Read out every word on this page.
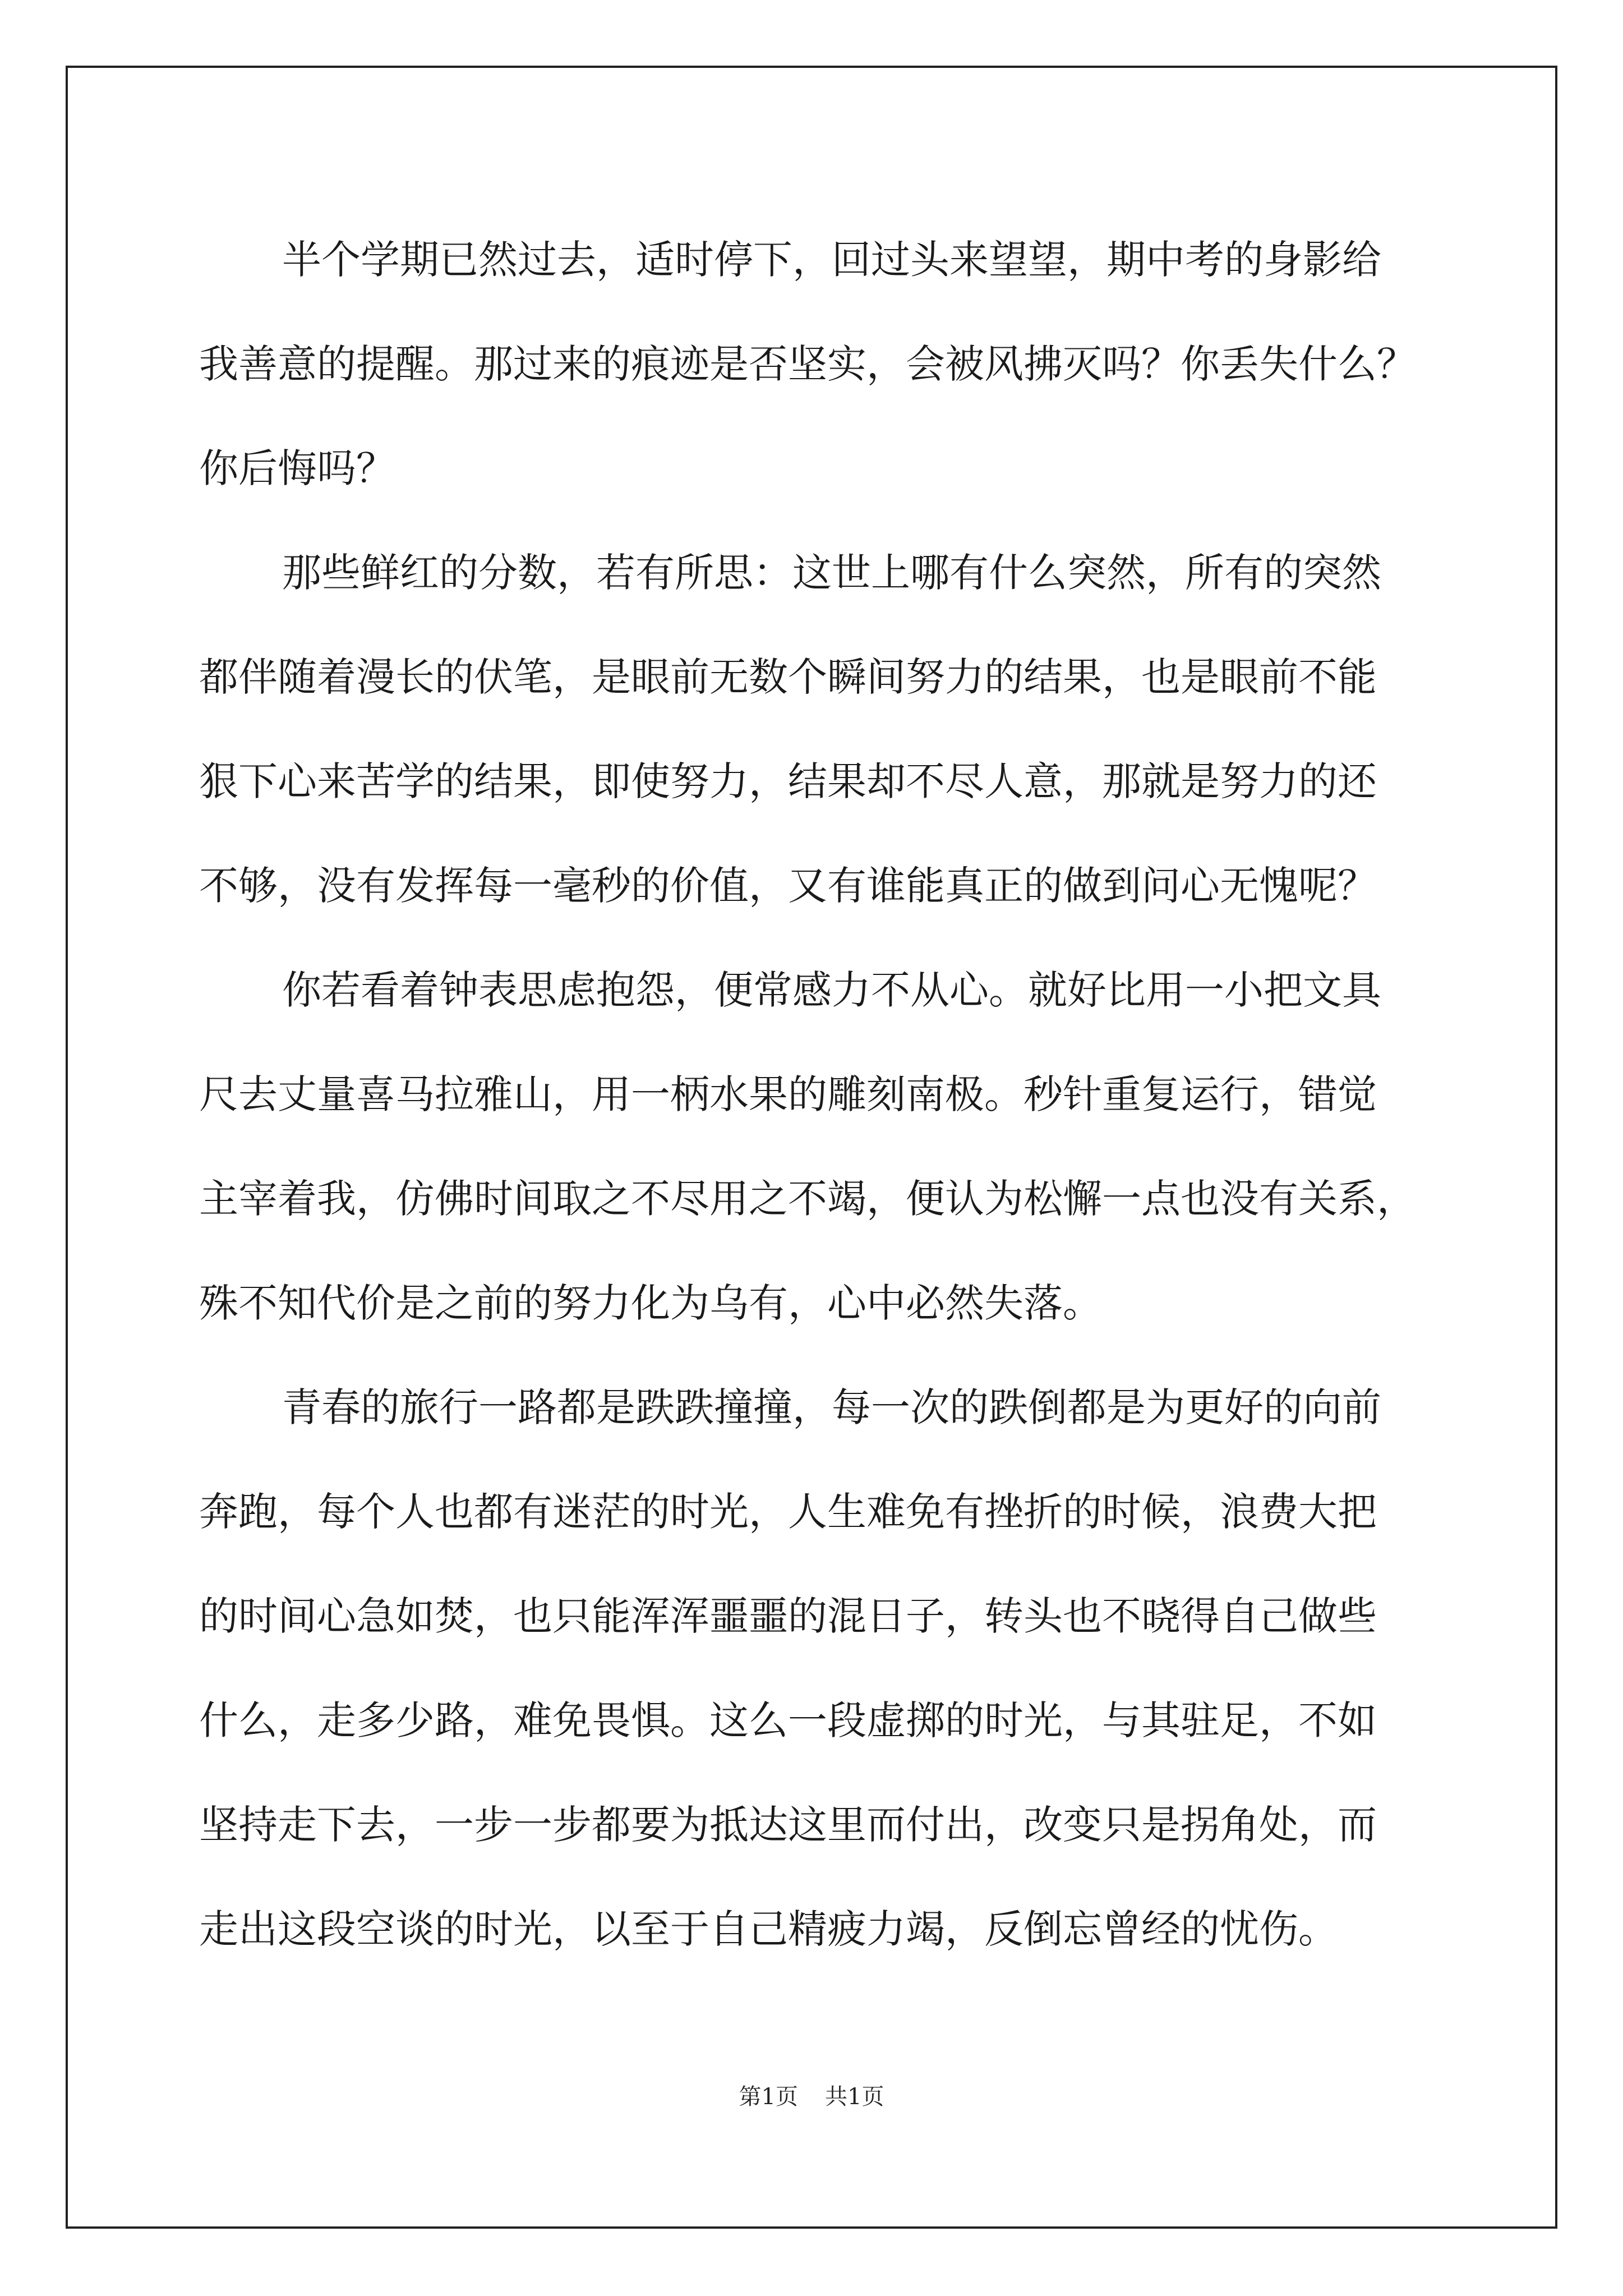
半个学期已然过去，适时停下，回过头来望望，期中考的身影给
我善意的提醒。那过来的痕迹是否坚实，会被风拂灭吗？你丢失什么？
你后悔吗？
那些鲜红的分数，若有所思：这世上哪有什么突然，所有的突然
都伴随着漫长的伏笔，是眼前无数个瞬间努力的结果，也是眼前不能
狠下心来苦学的结果，即使努力，结果却不尽人意，那就是努力的还
不够，没有发挥每一毫秒的价值，又有谁能真正的做到问心无愧呢？
你若看着钟表思虑抱怨，便常感力不从心。就好比用一小把文具
尺去丈量喜马拉雅山，用一柄水果的雕刻南极。秒针重复运行，错觉
主宰着我，仿佛时间取之不尽用之不竭，便认为松懈一点也没有关系，
殊不知代价是之前的努力化为乌有，心中必然失落。
青春的旅行一路都是跌跌撞撞，每一次的跌倒都是为更好的向前
奔跑，每个人也都有迷茫的时光，人生难免有挫折的时候，浪费大把
的时间心急如焚，也只能浑浑噩噩的混日子，转头也不晓得自己做些
什么，走多少路，难免畏惧。这么一段虚掷的时光，与其驻足，不如
坚持走下去，一步一步都要为抵达这里而付出，改变只是拐角处，而
走出这段空谈的时光，以至于自己精疲力竭，反倒忘曾经的忧伤。
第1页 共1页
